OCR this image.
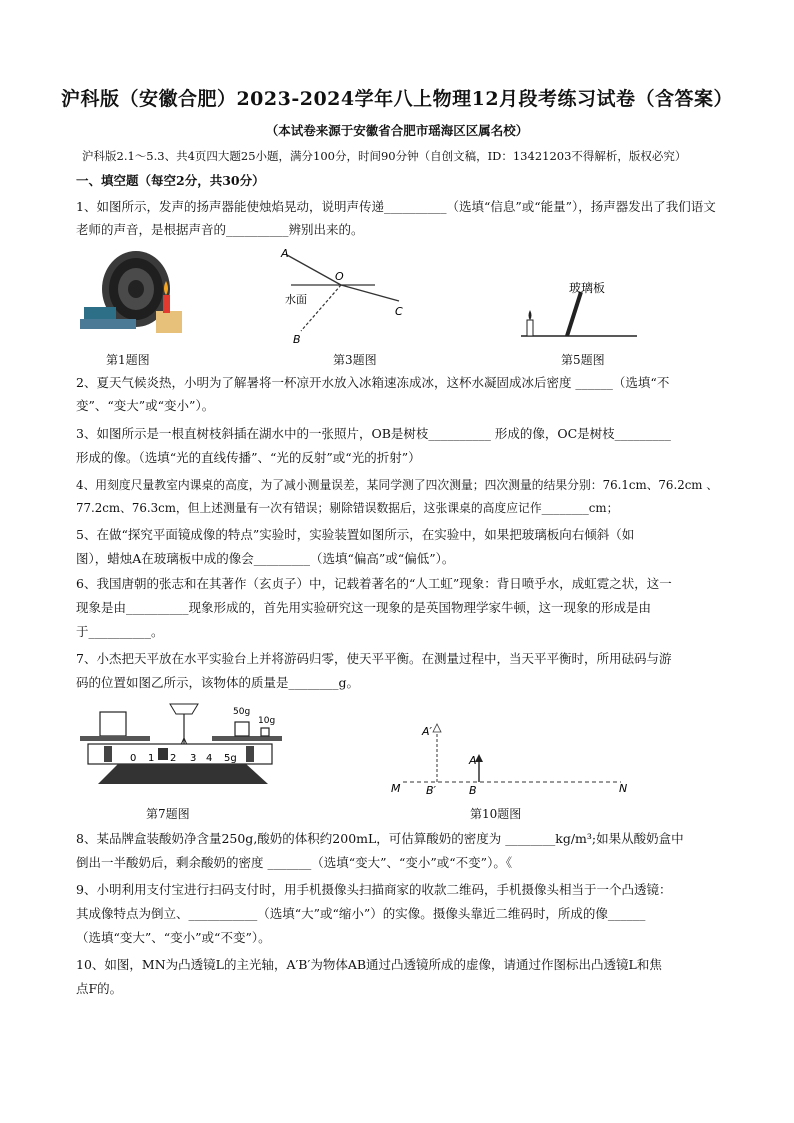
沪科版（安徽合肥）2023-2024学年八上物理12月段考练习试卷（含答案）
（本试卷来源于安徽省合肥市瑶海区区属名校）
沪科版2.1～5.3、共4页四大题25小题，满分100分，时间90分钟（自创文稿，ID：13421203不得解析，版权必究）
一、填空题（每空2分，共30分）
1、如图所示，发声的扬声器能使烛焰晃动，说明声传递__________（选填“信息”或“能量”），扬声器发出了我们语文
老师的声音，是根据声音的__________辨别出来的。
第1题图
A
O
B
C
水面
第3题图
玻璃板
第5题图
2、夏天气候炎热，小明为了解暑将一杯凉开水放入冰箱速冻成冰，这杯水凝固成冰后密度 ______（选填“不
变”、“变大”或“变小”）。
3、如图所示是一根直树枝斜插在湖水中的一张照片，OB是树枝__________ 形成的像，OC是树枝_________
形成的像。（选填“光的直线传播”、“光的反射”或“光的折射”）
4、用刻度尺量教室内课桌的高度，为了减小测量误差，某同学测了四次测量；四次测量的结果分别：76.1cm、76.2cm 、
77.2cm、76.3cm，但上述测量有一次有错误；剔除错误数据后，这张课桌的高度应记作________cm；
5、在做“探究平面镜成像的特点”实验时，实验装置如图所示，在实验中，如果把玻璃板向右倾斜（如
图），蜡烛A在玻璃板中成的像会_________（选填“偏高”或“偏低”）。
6、我国唐朝的张志和在其著作（玄贞子）中，记载着著名的“人工虹”现象：背日喷乎水，成虹霓之状，这一
现象是由__________现象形成的，首先用实验研究这一现象的是英国物理学家牛顿，这一现象的形成是由
于__________。
7、小杰把天平放在水平实验台上并将游码归零，使天平平衡。在测量过程中，当天平平衡时，所用砝码与游
码的位置如图乙所示，该物体的质量是________g。
50g
10g
0 1 2 3 4 5g
第7题图
M	N
A
B
A′
B′
第10题图
8、某品牌盒装酸奶净含量250g,酸奶的体积约200mL，可估算酸奶的密度为 ________kg/m³;如果从酸奶盒中
倒出一半酸奶后，剩余酸奶的密度 _______（选填“变大”、“变小”或“不变”）。《
9、小明利用支付宝进行扫码支付时，用手机摄像头扫描商家的收款二维码，手机摄像头相当于一个凸透镜：
其成像特点为倒立、___________（选填“大”或“缩小”）的实像。摄像头靠近二维码时，所成的像______
（选填“变大”、“变小”或“不变”）。
10、如图，MN为凸透镜L的主光轴，A′B′为物体AB通过凸透镜所成的虚像，请通过作图标出凸透镜L和焦
点F的。
